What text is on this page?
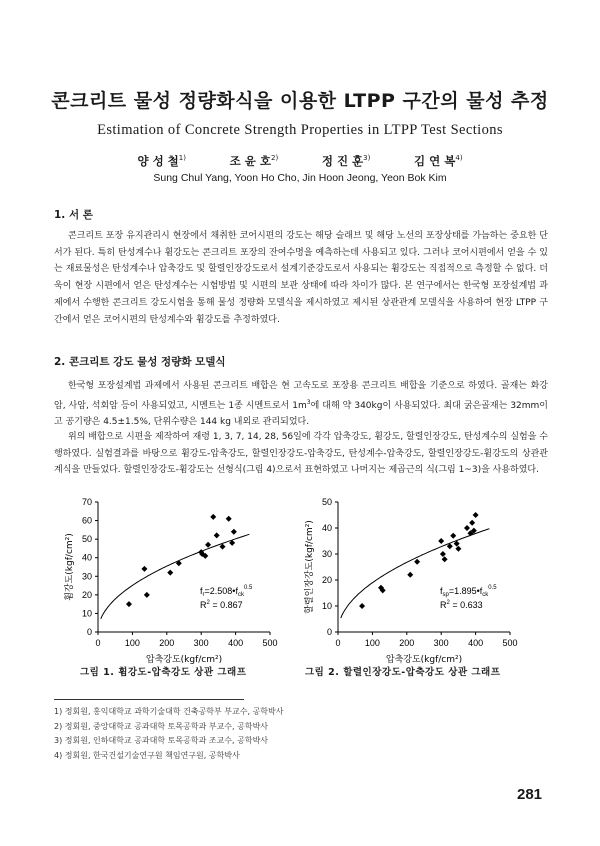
콘크리트 물성 정량화식을 이용한 LTPP 구간의 물성 추정
Estimation of Concrete Strength Properties in LTPP Test Sections
양 성 철$^{1)}$	조 윤 호$^{2)}$	정 진 훈$^{3)}$	김 연 복$^{4)}$
Sung Chul Yang, Yoon Ho Cho, Jin Hoon Jeong, Yeon Bok Kim
1. 서 론

콘크리트 포장 유지관리시 현장에서 채취한 코어시편의 강도는 해당 슬래브 및 해당 노선의 포장상태를 가늠하는 중요한 단서가 된다. 특히 탄성계수나 휨강도는 콘크리트 포장의 잔여수명을 예측하는데 사용되고 있다. 그러나 코어시편에서 얻을 수 있는 재료물성은 탄성계수나 압축강도 및 할렬인장강도로서 설계기준강도로서 사용되는 휨강도는 직접적으로 측정할 수 없다. 더욱이 현장 시편에서 얻은 탄성계수는 시험방법 및 시편의 보관 상태에 따라 차이가 많다. 본 연구에서는 한국형 포장설계법 과제에서 수행한 콘크리트 강도시험을 통해 물성 정량화 모델식을 제시하였고 제시된 상관관계 모델식을 사용하여 현장 LTPP 구간에서 얻은 코어시편의 탄성계수와 휨강도를 추정하였다.

2. 콘크리트 강도 물성 정량화 모델식

한국형 포장설계법 과제에서 사용된 콘크리트 배합은 현 고속도로 포장용 콘크리트 배합을 기준으로 하였다. 골재는 화강암, 사암, 석회암 등이 사용되었고, 시멘트는 1종 시멘트로서 $1m^3$에 대해 약 340kg이 사용되었다. 최대 굵은골재는 32mm이고 공기량은 4.5±1.5%, 단위수량은 144 kg 내외로 관리되었다.

위의 배합으로 시편을 제작하여 재령 1, 3, 7, 14, 28, 56일에 각각 압축강도, 휨강도, 할렬인장강도, 탄성계수의 실험을 수행하였다. 실험결과를 바탕으로 휨강도-압축강도, 할렬인장강도-압축강도, 탄성계수-압축강도, 할렬인장강도-휨강도의 상관관계식을 만들었다. 할렬인장강도-휨강도는 선형식(그림 4)으로서 표현하였고 나머지는 제곱근의 식(그림 1~3)을 사용하였다.

0	100 200 300 400 500
0
10
20
30
40
50
60
70
압축강도(kgf/cm²)
휨강도(kgf/cm²)	$f_r=2.508•f_{ck}^{0.5}$
$R^2 = 0.867$
그림 1. 휨강도-압축강도 상관 그래프
0	100 200 300 400 500
0
10
20
30
40
50
압축강도(kgf/cm²)
할렬인장강도(kgf/cm²)	$f_{sp}=1.895•f_{ck}^{0.5}$
$R^2 = 0.633$
그림 2. 할렬인장강도-압축강도 상관 그래프
1) 정회원, 홍익대학교 과학기술대학 건축공학부 부교수, 공학박사
2) 정회원, 중앙대학교 공과대학 토목공학과 부교수, 공학박사
3) 정회원, 인하대학교 공과대학 토목공학과 조교수, 공학박사
4) 정회원, 한국건설기술연구원 책임연구원, 공학박사
281
